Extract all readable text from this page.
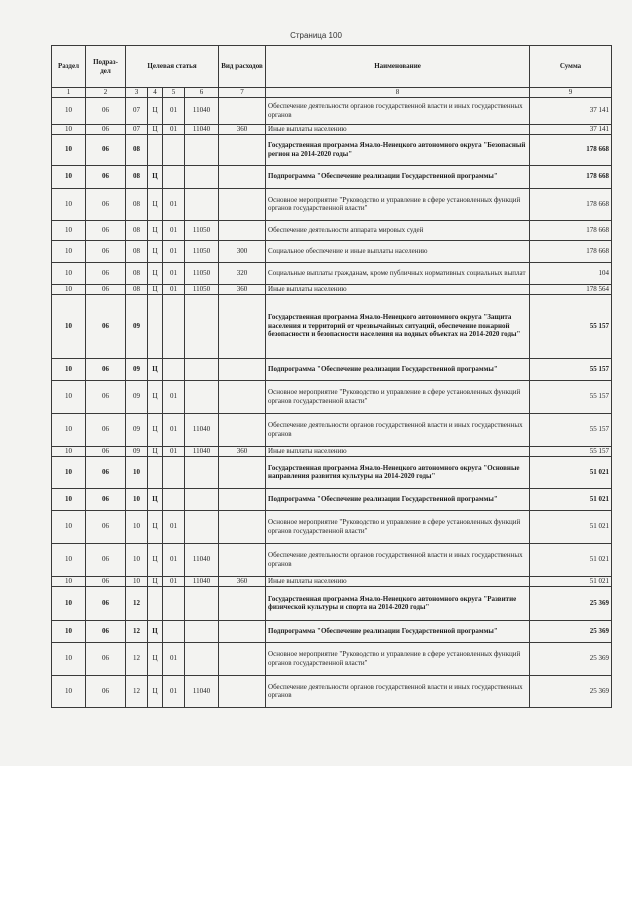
Страница 100
Раздел	Подраз-дел	Целевая статья				Вид расходов	Наименование	Сумма
1	2	3	4	5	6	7	8	9
10	06	07	Ц	01	11040		Обеспечение деятельности органов государственной власти и иных государственных органов	37 141
10	06	07	Ц	01	11040	360	Иные выплаты населению	37 141
10	06	08					Государственная программа Ямало-Ненецкого автономного округа "Безопасный регион на 2014-2020 годы"	178 668
10	06	08	Ц				Подпрограмма "Обеспечение реализации Государственной программы"	178 668
10	06	08	Ц	01			Основное мероприятие "Руководство и управление в сфере установленных функций органов государственной власти"	178 668
10	06	08	Ц	01	11050		Обеспечение деятельности аппарата мировых судей	178 668
10	06	08	Ц	01	11050	300	Социальное обеспечение и иные выплаты населению	178 668
10	06	08	Ц	01	11050	320	Социальные выплаты гражданам, кроме публичных нормативных социальных выплат	104
10	06	08	Ц	01	11050	360	Иные выплаты населению	178 564
10	06	09					Государственная программа Ямало-Ненецкого автономного округа "Защита населения и территорий от чрезвычайных ситуаций, обеспечение пожарной безопасности и безопасности населения на водных объектах на 2014-2020 годы"	55 157
10	06	09	Ц				Подпрограмма "Обеспечение реализации Государственной программы"	55 157
10	06	09	Ц	01			Основное мероприятие "Руководство и управление в сфере установленных функций органов государственной власти"	55 157
10	06	09	Ц	01	11040		Обеспечение деятельности органов государственной власти и иных государственных органов	55 157
10	06	09	Ц	01	11040	360	Иные выплаты населению	55 157
10	06	10					Государственная программа Ямало-Ненецкого автономного округа "Основные направления развития культуры на 2014-2020 годы"	51 021
10	06	10	Ц				Подпрограмма "Обеспечение реализации Государственной программы"	51 021
10	06	10	Ц	01			Основное мероприятие "Руководство и управление в сфере установленных функций органов государственной власти"	51 021
10	06	10	Ц	01	11040		Обеспечение деятельности органов государственной власти и иных государственных органов	51 021
10	06	10	Ц	01	11040	360	Иные выплаты населению	51 021
10	06	12					Государственная программа Ямало-Ненецкого автономного округа "Развитие физической культуры и спорта на 2014-2020 годы"	25 369
10	06	12	Ц				Подпрограмма "Обеспечение реализации Государственной программы"	25 369
10	06	12	Ц	01			Основное мероприятие "Руководство и управление в сфере установленных функций органов государственной власти"	25 369
10	06	12	Ц	01	11040		Обеспечение деятельности органов государственной власти и иных государственных органов	25 369
